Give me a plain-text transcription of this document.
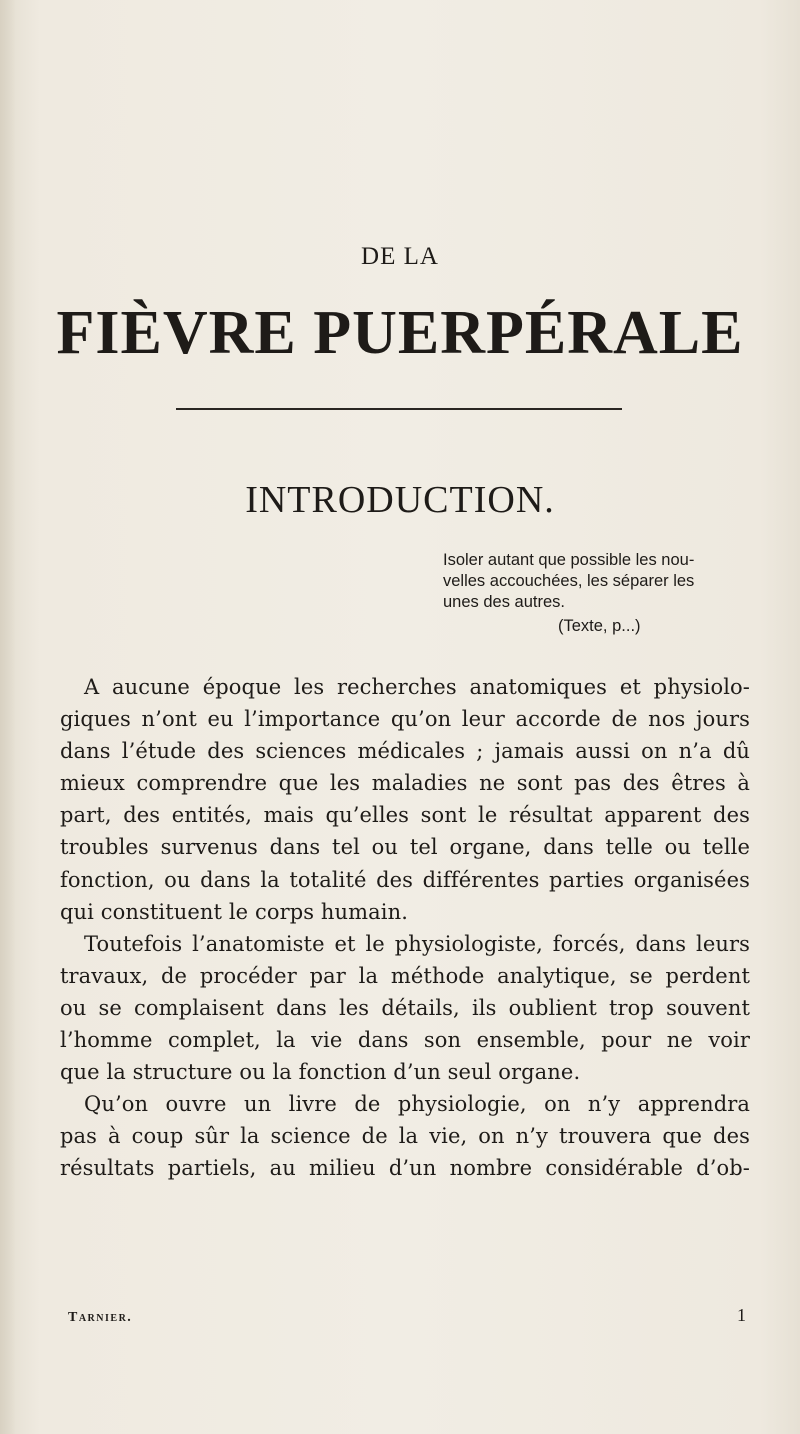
DE LA
FIÈVRE PUERPÉRALE
INTRODUCTION.
Isoler autant que possible les nou-
velles accouchées, les séparer les
unes des autres.
(Texte, p...)
A aucune époque les recherches anatomiques et physiolo-
giques n’ont eu l’importance qu’on leur accorde de nos jours
dans l’étude des sciences médicales ; jamais aussi on n’a dû
mieux comprendre que les maladies ne sont pas des êtres à
part, des entités, mais qu’elles sont le résultat apparent des
troubles survenus dans tel ou tel organe, dans telle ou telle
fonction, ou dans la totalité des différentes parties organisées
qui constituent le corps humain.
Toutefois l’anatomiste et le physiologiste, forcés, dans leurs
travaux, de procéder par la méthode analytique, se perdent
ou se complaisent dans les détails, ils oublient trop souvent
l’homme complet, la vie dans son ensemble, pour ne voir
que la structure ou la fonction d’un seul organe.
Qu’on ouvre un livre de physiologie, on n’y apprendra
pas à coup sûr la science de la vie, on n’y trouvera que des
résultats partiels, au milieu d’un nombre considérable d’ob-
Tarnier.	1
